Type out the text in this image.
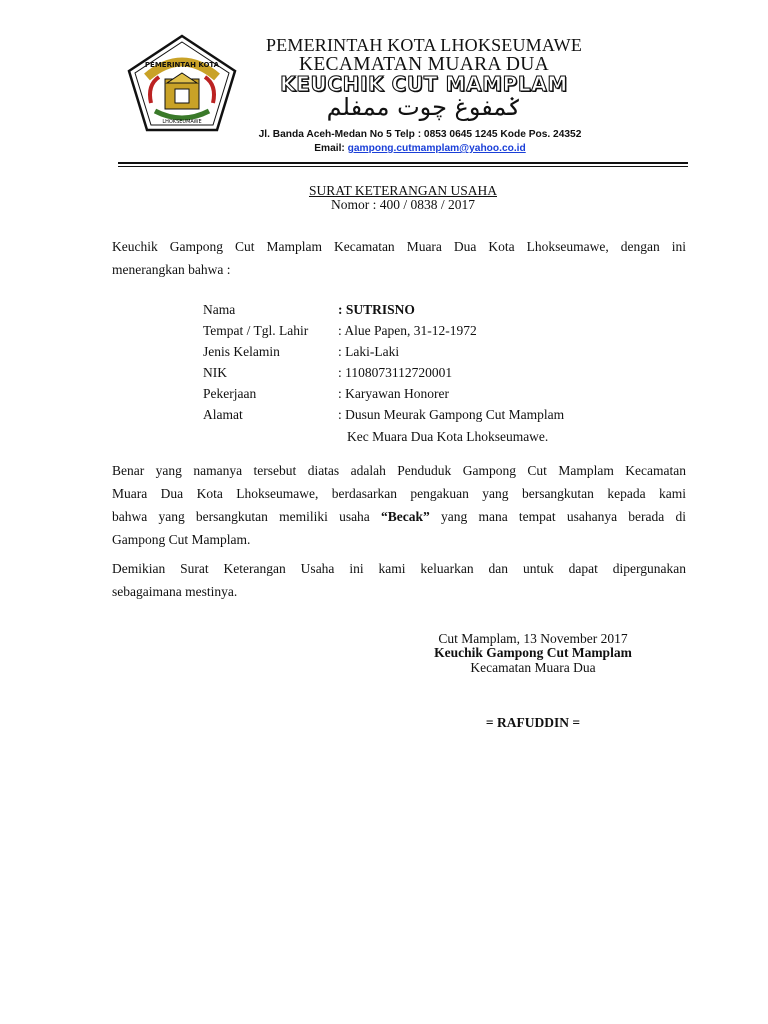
PEMERINTAH KOTA
LHOKSEUMAWE
PEMERINTAH KOTA LHOKSEUMAWE
KECAMATAN MUARA DUA
KEUCHIK CUT MAMPLAM
ݢمفوغ چوت ممفلم
Jl. Banda Aceh-Medan No 5 Telp : 0853 0645 1245 Kode Pos. 24352
Email: gampong.cutmamplam@yahoo.co.id
SURAT KETERANGAN USAHA
Nomor : 400 / 0838 / 2017
Keuchik Gampong Cut Mamplam Kecamatan Muara Dua Kota Lhokseumawe, dengan ini
menerangkan bahwa :
Nama	: SUTRISNO
Tempat / Tgl. Lahir : Alue Papen, 31-12-1972
Jenis Kelamin	: Laki-Laki
NIK	: 1108073112720001
Pekerjaan	: Karyawan Honorer
Alamat	: Dusun Meurak Gampong Cut Mamplam
Kec Muara Dua Kota Lhokseumawe.
Benar yang namanya tersebut diatas adalah Penduduk Gampong Cut Mamplam Kecamatan
Muara Dua Kota Lhokseumawe, berdasarkan pengakuan yang bersangkutan kepada kami
bahwa yang bersangkutan memiliki usaha “Becak” yang mana tempat usahanya berada di
Gampong Cut Mamplam.
Demikian Surat Keterangan Usaha ini kami keluarkan dan untuk dapat dipergunakan
sebagaimana mestinya.
Cut Mamplam, 13 November 2017
Keuchik Gampong Cut Mamplam
Kecamatan Muara Dua
= RAFUDDIN =
